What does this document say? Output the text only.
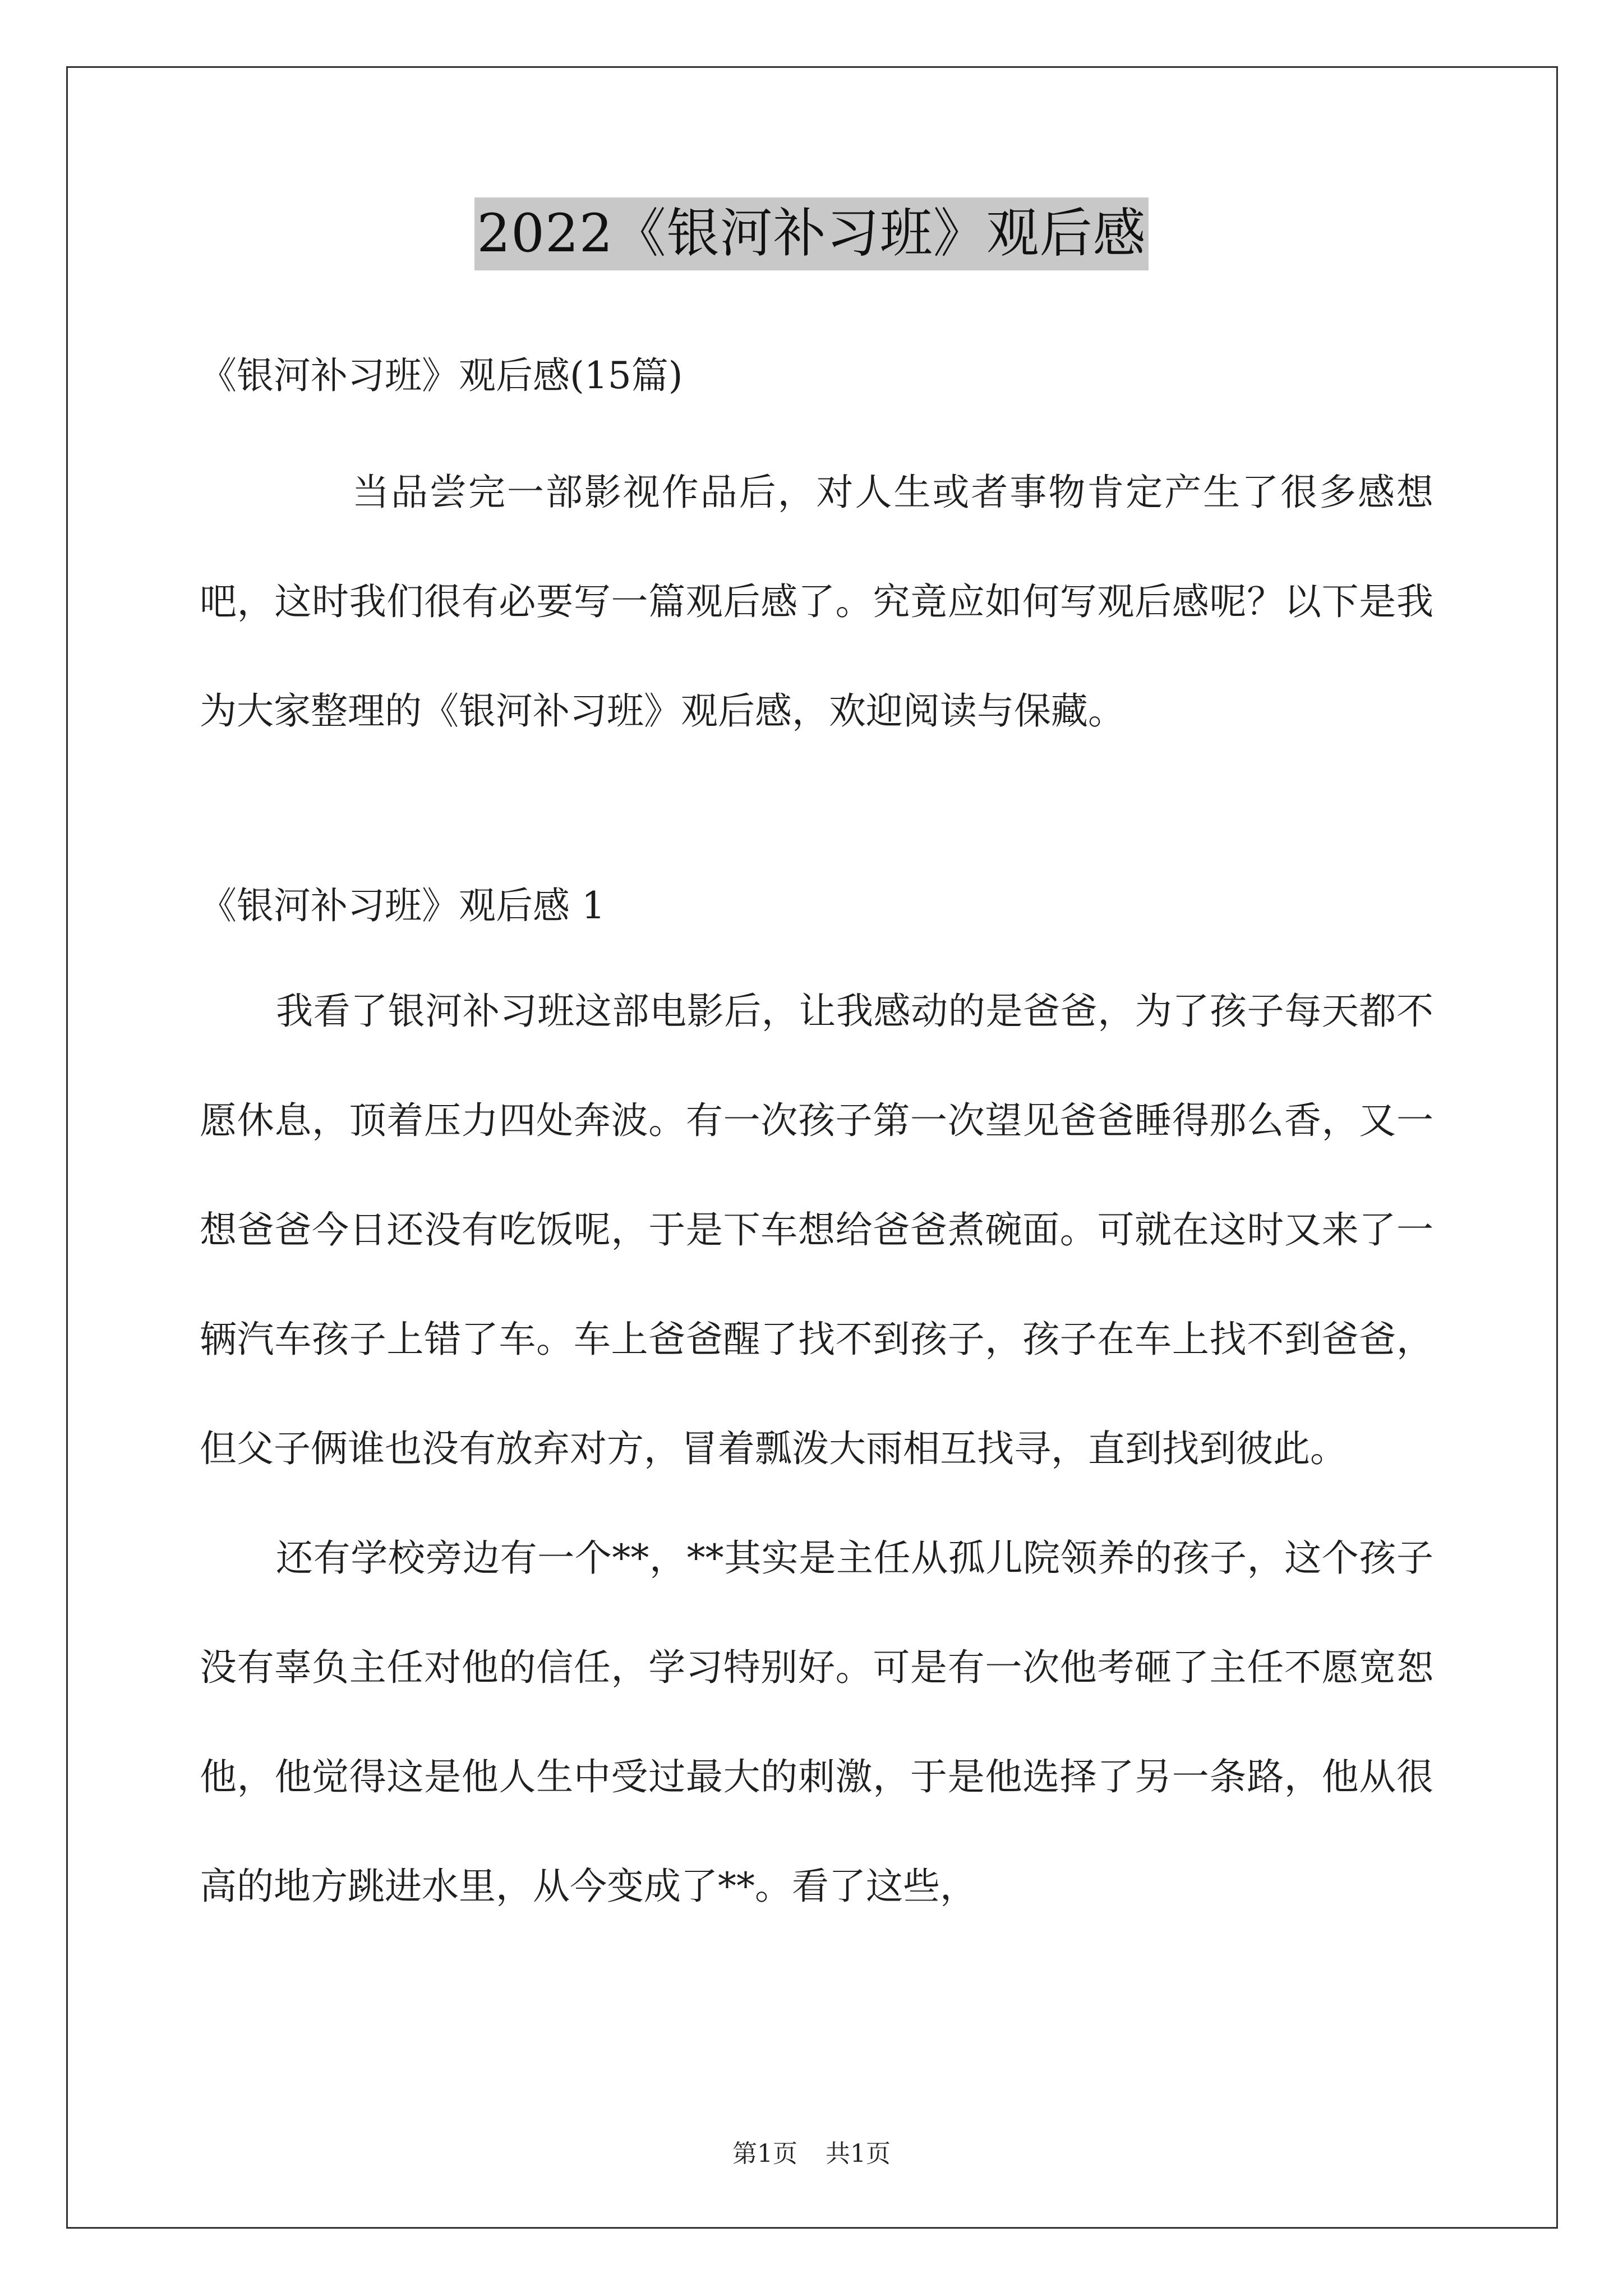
2022《银河补习班》观后感

《银河补习班》观后感(15篇)

当品尝完一部影视作品后，对人生或者事物肯定产生了很多感想吧，这时我们很有必要写一篇观后感了。究竟应如何写观后感呢？以下是我为大家整理的《银河补习班》观后感，欢迎阅读与保藏。

《银河补习班》观后感 1

我看了银河补习班这部电影后，让我感动的是爸爸，为了孩子每天都不愿休息，顶着压力四处奔波。有一次孩子第一次望见爸爸睡得那么香，又一想爸爸今日还没有吃饭呢，于是下车想给爸爸煮碗面。可就在这时又来了一辆汽车孩子上错了车。车上爸爸醒了找不到孩子，孩子在车上找不到爸爸，但父子俩谁也没有放弃对方，冒着瓢泼大雨相互找寻，直到找到彼此。

还有学校旁边有一个**，**其实是主任从孤儿院领养的孩子，这个孩子没有辜负主任对他的信任，学习特别好。可是有一次他考砸了主任不愿宽恕他，他觉得这是他人生中受过最大的刺激，于是他选择了另一条路，他从很高的地方跳进水里，从今变成了**。看了这些，

第1页 共1页
